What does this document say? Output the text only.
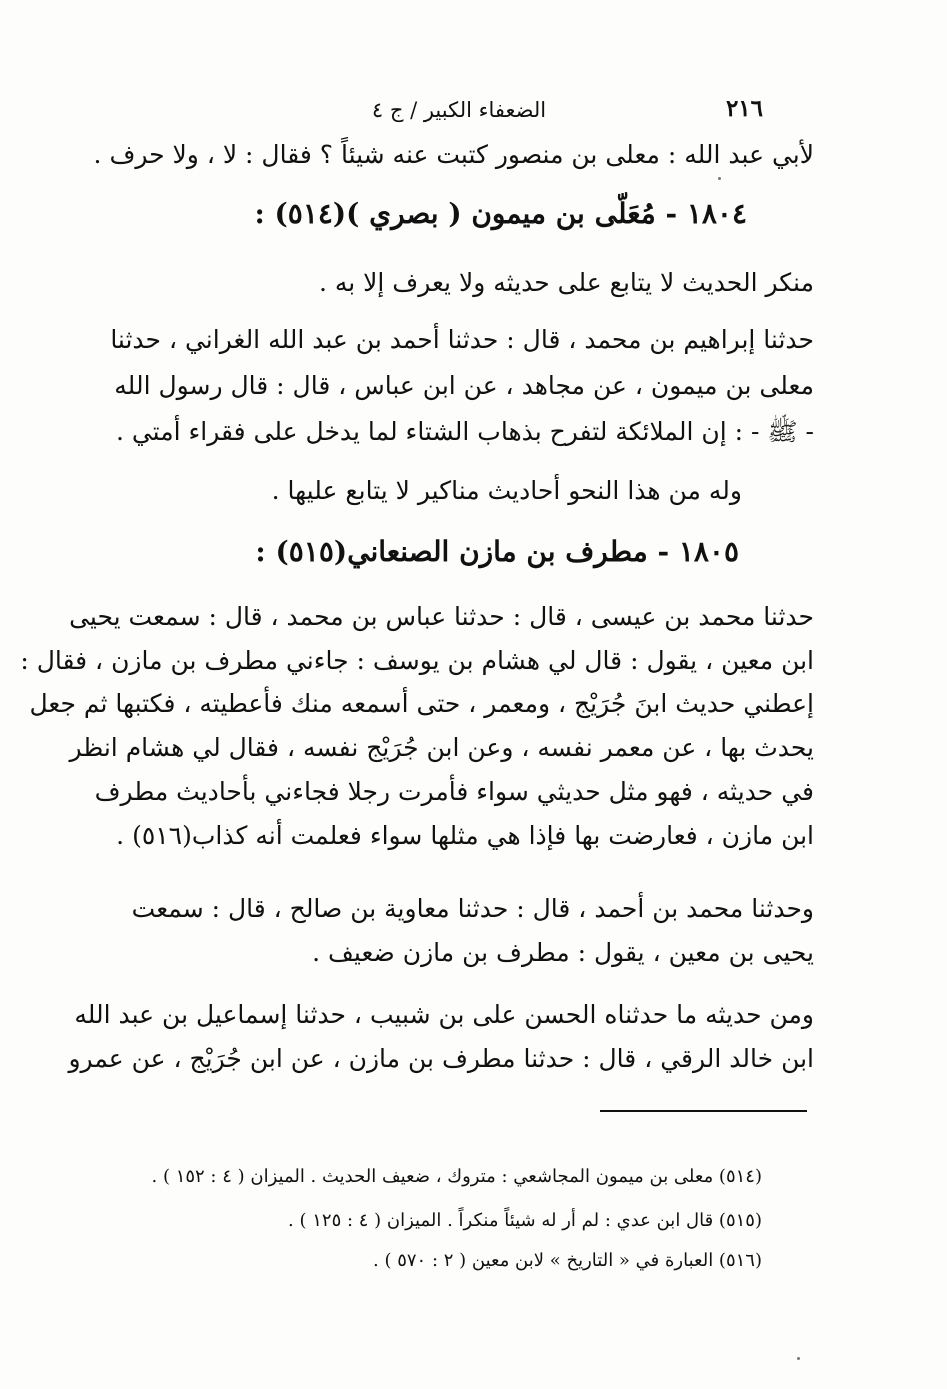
الضعفاء الكبير / ج ٤	٢١٦
لأبي عبد الله : معلى بن منصور كتبت عنه شيئاً ؟ فقال : لا ، ولا حرف .
١٨٠٤ - مُعَلّى بن ميمون ( بصري )(٥١٤) :
منكر الحديث لا يتابع على حديثه ولا يعرف إلا به .
حدثنا إبراهيم بن محمد ، قال : حدثنا أحمد بن عبد الله الغراني ، حدثنا
معلى بن ميمون ، عن مجاهد ، عن ابن عباس ، قال : قال رسول الله
- ﷺ - : إن الملائكة لتفرح بذهاب الشتاء لما يدخل على فقراء أمتي .
وله من هذا النحو أحاديث مناكير لا يتابع عليها .
١٨٠٥ - مطرف بن مازن الصنعاني(٥١٥) :
حدثنا محمد بن عيسى ، قال : حدثنا عباس بن محمد ، قال : سمعت يحيى
ابن معين ، يقول : قال لي هشام بن يوسف : جاءني مطرف بن مازن ، فقال :
إعطني حديث ابنَ جُرَيْج ، ومعمر ، حتى أسمعه منك فأعطيته ، فكتبها ثم جعل
يحدث بها ، عن معمر نفسه ، وعن ابن جُرَيْج نفسه ، فقال لي هشام انظر
في حديثه ، فهو مثل حديثي سواء فأمرت رجلا فجاءني بأحاديث مطرف
ابن مازن ، فعارضت بها فإذا هي مثلها سواء فعلمت أنه كذاب(٥١٦) .
وحدثنا محمد بن أحمد ، قال : حدثنا معاوية بن صالح ، قال : سمعت
يحيى بن معين ، يقول : مطرف بن مازن ضعيف .
ومن حديثه ما حدثناه الحسن على بن شبيب ، حدثنا إسماعيل بن عبد الله
ابن خالد الرقي ، قال : حدثنا مطرف بن مازن ، عن ابن جُرَيْج ، عن عمرو
(٥١٤) معلى بن ميمون المجاشعي : متروك ، ضعيف الحديث . الميزان ( ٤ : ١٥٢ ) .
(٥١٥) قال ابن عدي : لم أر له شيئاً منكراً . الميزان ( ٤ : ١٢٥ ) .
(٥١٦) العبارة في « التاريخ » لابن معين ( ٢ : ٥٧٠ ) .
